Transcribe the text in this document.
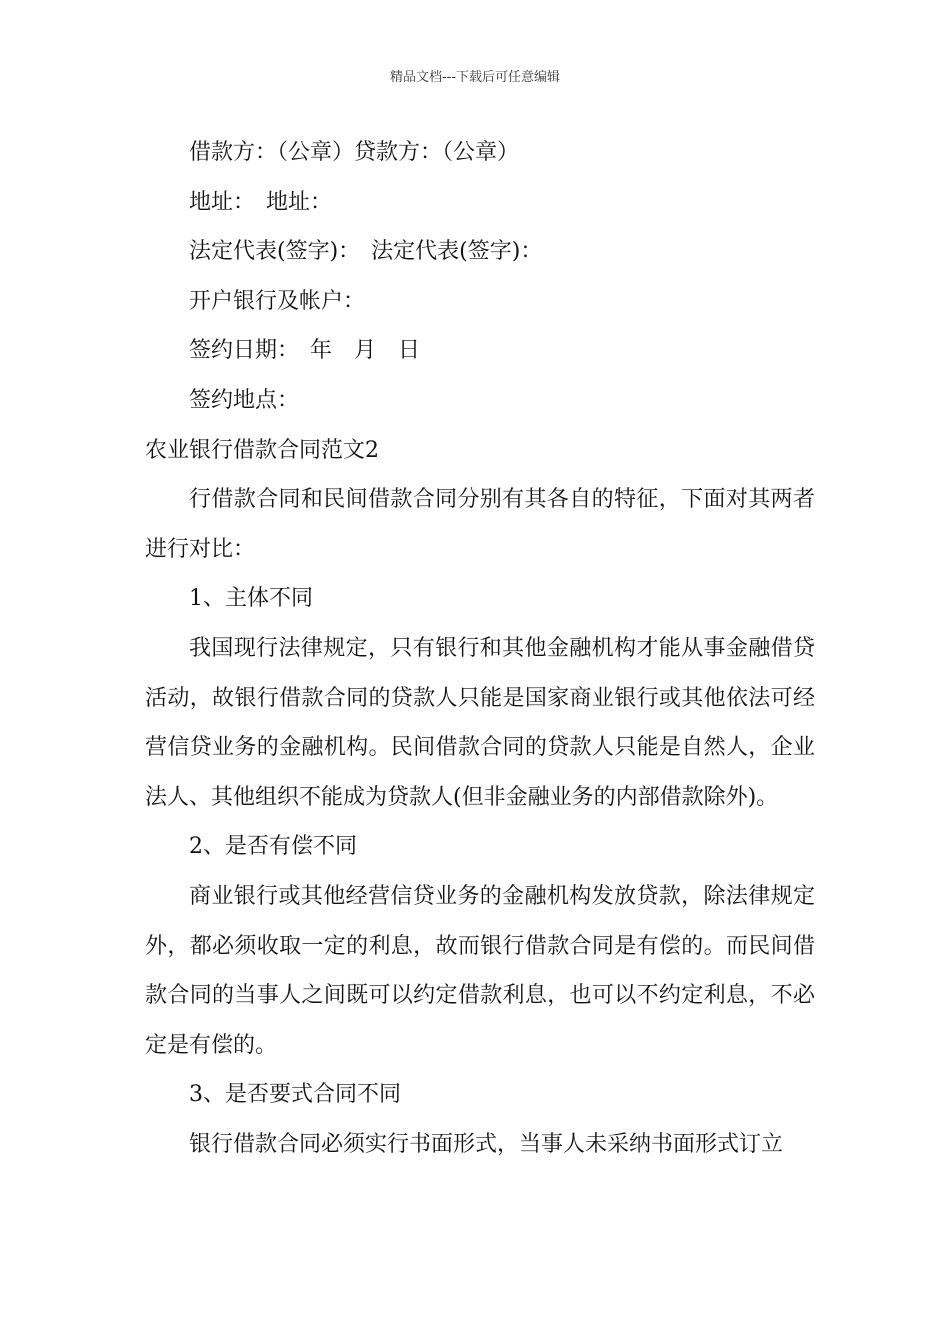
精品文档---下载后可任意编辑
借款方：（公章）贷款方：（公章）
地址：　地址：
法定代表(签字)：　法定代表(签字)：
开户银行及帐户：
签约日期：　年　月　日
签约地点：
农业银行借款合同范文2

行借款合同和民间借款合同分别有其各自的特征，下面对其两者进行对比：

1、主体不同

我国现行法律规定，只有银行和其他金融机构才能从事金融借贷活动，故银行借款合同的贷款人只能是国家商业银行或其他依法可经营信贷业务的金融机构。民间借款合同的贷款人只能是自然人，企业法人、其他组织不能成为贷款人(但非金融业务的内部借款除外)。

2、是否有偿不同

商业银行或其他经营信贷业务的金融机构发放贷款，除法律规定外，都必须收取一定的利息，故而银行借款合同是有偿的。而民间借款合同的当事人之间既可以约定借款利息，也可以不约定利息，不必定是有偿的。

3、是否要式合同不同

银行借款合同必须实行书面形式，当事人未采纳书面形式订立
